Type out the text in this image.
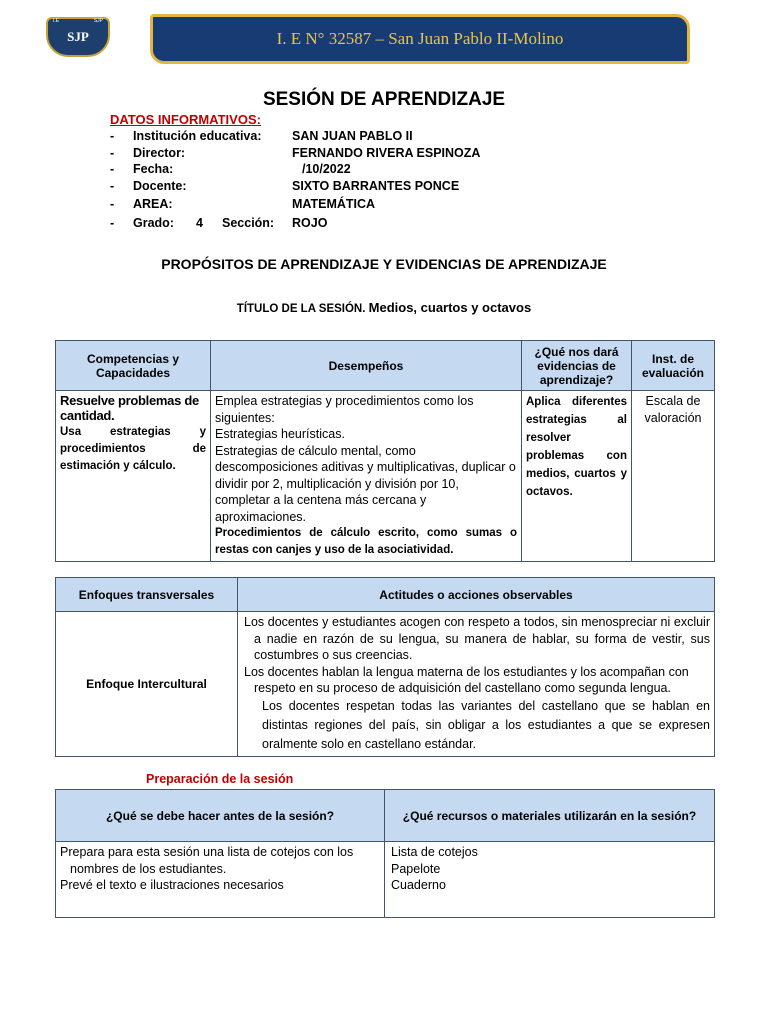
I.E	SJP
SJP	I. E N° 32587 – San Juan Pablo II-Molino
SESIÓN DE APRENDIZAJE
DATOS INFORMATIVOS:
- Institución educativa: SAN JUAN PABLO II
- Director:	FERNANDO RIVERA ESPINOZA
- Fecha:	/10/2022
- Docente:	SIXTO BARRANTES PONCE
- AREA:	MATEMÁTICA
- Grado: 4 Sección: ROJO
PROPÓSITOS DE APRENDIZAJE Y EVIDENCIAS DE APRENDIZAJE
TÍTULO DE LA SESIÓN. Medios, cuartos y octavos
Competencias y Capacidades	Desempeños	¿Qué nos dará evidencias de aprendizaje?	Inst. de evaluación

Resuelve problemas de cantidad.
Usa estrategias y procedimientos de estimación y cálculo.	Emplea estrategias y procedimientos como los siguientes:
Estrategias heurísticas.
Estrategias de cálculo mental, como descomposiciones aditivas y multiplicativas, duplicar o dividir por 2, multiplicación y división por 10, completar a la centena más cercana y aproximaciones.
Procedimientos de cálculo escrito, como sumas o restas con canjes y uso de la asociatividad.	Aplica diferentes estrategias al resolver problemas con medios, cuartos y octavos.	Escala de valoración
Enfoques transversales	Actitudes o acciones observables
Enfoque Intercultural	Los docentes y estudiantes acogen con respeto a todos, sin menospreciar ni excluir a nadie en razón de su lengua, su manera de hablar, su forma de vestir, sus costumbres o sus creencias.
Los docentes hablan la lengua materna de los estudiantes y los acompañan con respeto en su proceso de adquisición del castellano como segunda lengua.
Los docentes respetan todas las variantes del castellano que se hablan en distintas regiones del país, sin obligar a los estudiantes a que se expresen oralmente solo en castellano estándar.
Preparación de la sesión
¿Qué se debe hacer antes de la sesión?	¿Qué recursos o materiales utilizarán en la sesión?

Prepara para esta sesión una lista de cotejos con los nombres de los estudiantes.
Prevé el texto e ilustraciones necesarios	Lista de cotejos
Papelote
Cuaderno
